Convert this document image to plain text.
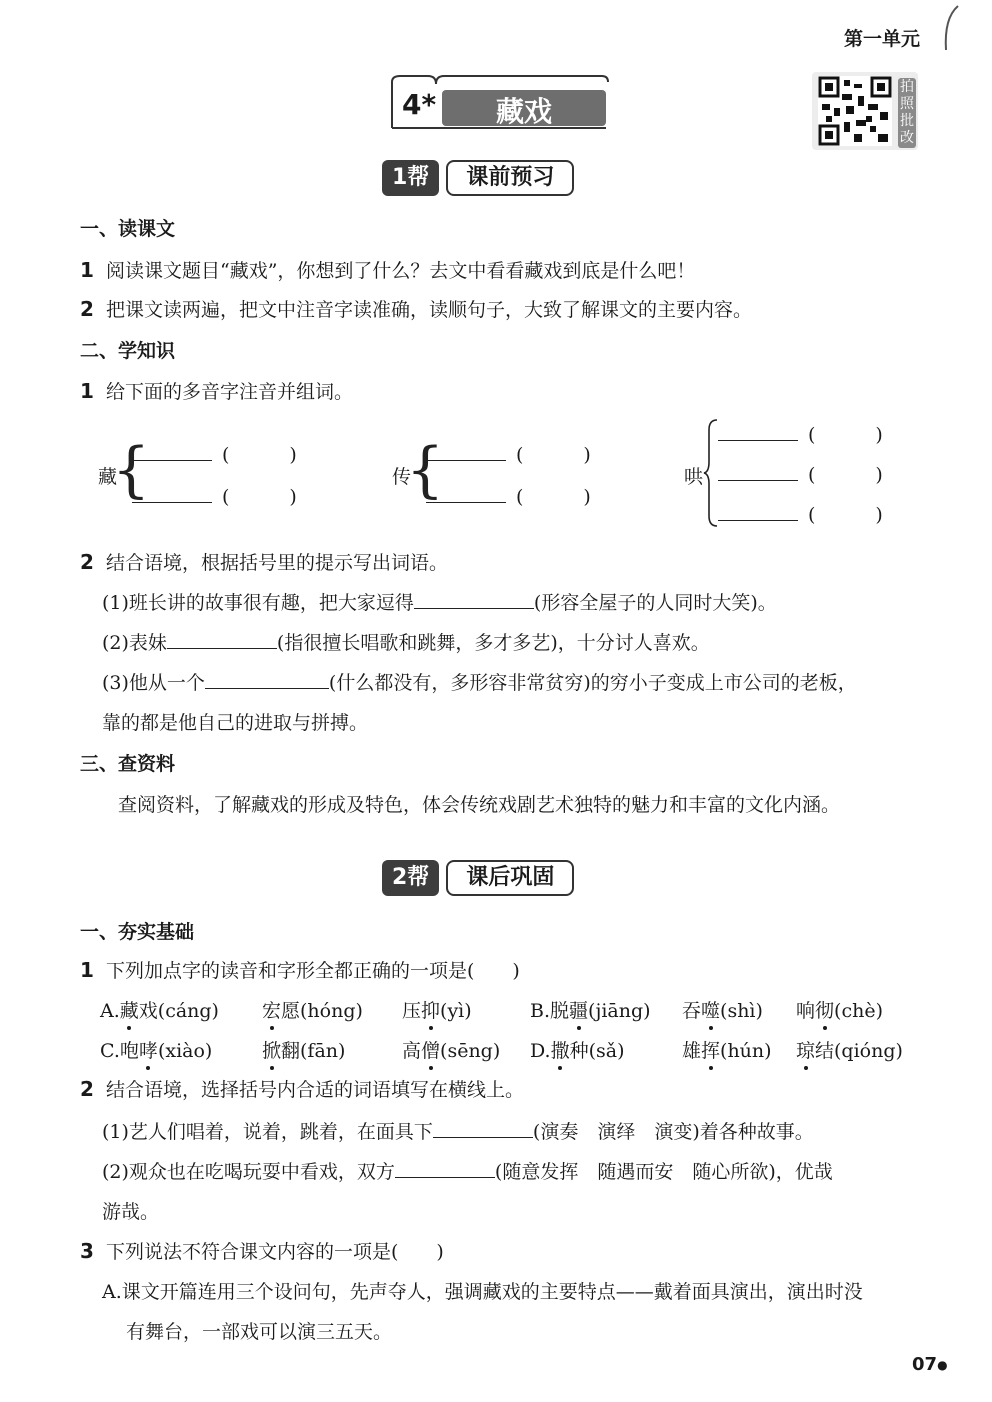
第一单元
4* 藏戏
拍照批改
1帮 课前预习
一、读课文
1 阅读课文题目“藏戏”，你想到了什么？去文中看看藏戏到底是什么吧！
2 把课文读两遍，把文中注音字读准确，读顺句子，大致了解课文的主要内容。
二、学知识
1 给下面的多音字注音并组词。
藏
{	(	)
(	)
传
{	(	)
(	)
哄
(	)
(	)
(	)
2 结合语境，根据括号里的提示写出词语。
(1)班长讲的故事很有趣，把大家逗得	(形容全屋子的人同时大笑)。
(2)表妹	(指很擅长唱歌和跳舞，多才多艺)，十分讨人喜欢。
(3)他从一个	(什么都没有，多形容非常贫穷)的穷小子变成上市公司的老板，
靠的都是他自己的进取与拼搏。
三、查资料
查阅资料，了解藏戏的形成及特色，体会传统戏剧艺术独特的魅力和丰富的文化内涵。
2帮 课后巩固
一、夯实基础
1 下列加点字的读音和字形全都正确的一项是(　　)
A.藏戏(cáng) 宏愿(hóng) 压抑(yì)	B.脱疆(jiāng) 吞噬(shì) 响彻(chè)
C.咆哮(xiào)	掀翻(fān)	高僧(sēng) D.撒种(sǎ)	雄挥(hún) 琼结(qióng)
2 结合语境，选择括号内合适的词语填写在横线上。
(1)艺人们唱着，说着，跳着，在面具下	(演奏　演绎　演变)着各种故事。
(2)观众也在吃喝玩耍中看戏，双方	(随意发挥　随遇而安　随心所欲)，优哉
游哉。
3 下列说法不符合课文内容的一项是(　　)
A.课文开篇连用三个设问句，先声夺人，强调藏戏的主要特点——戴着面具演出，演出时没
有舞台，一部戏可以演三五天。
07●
